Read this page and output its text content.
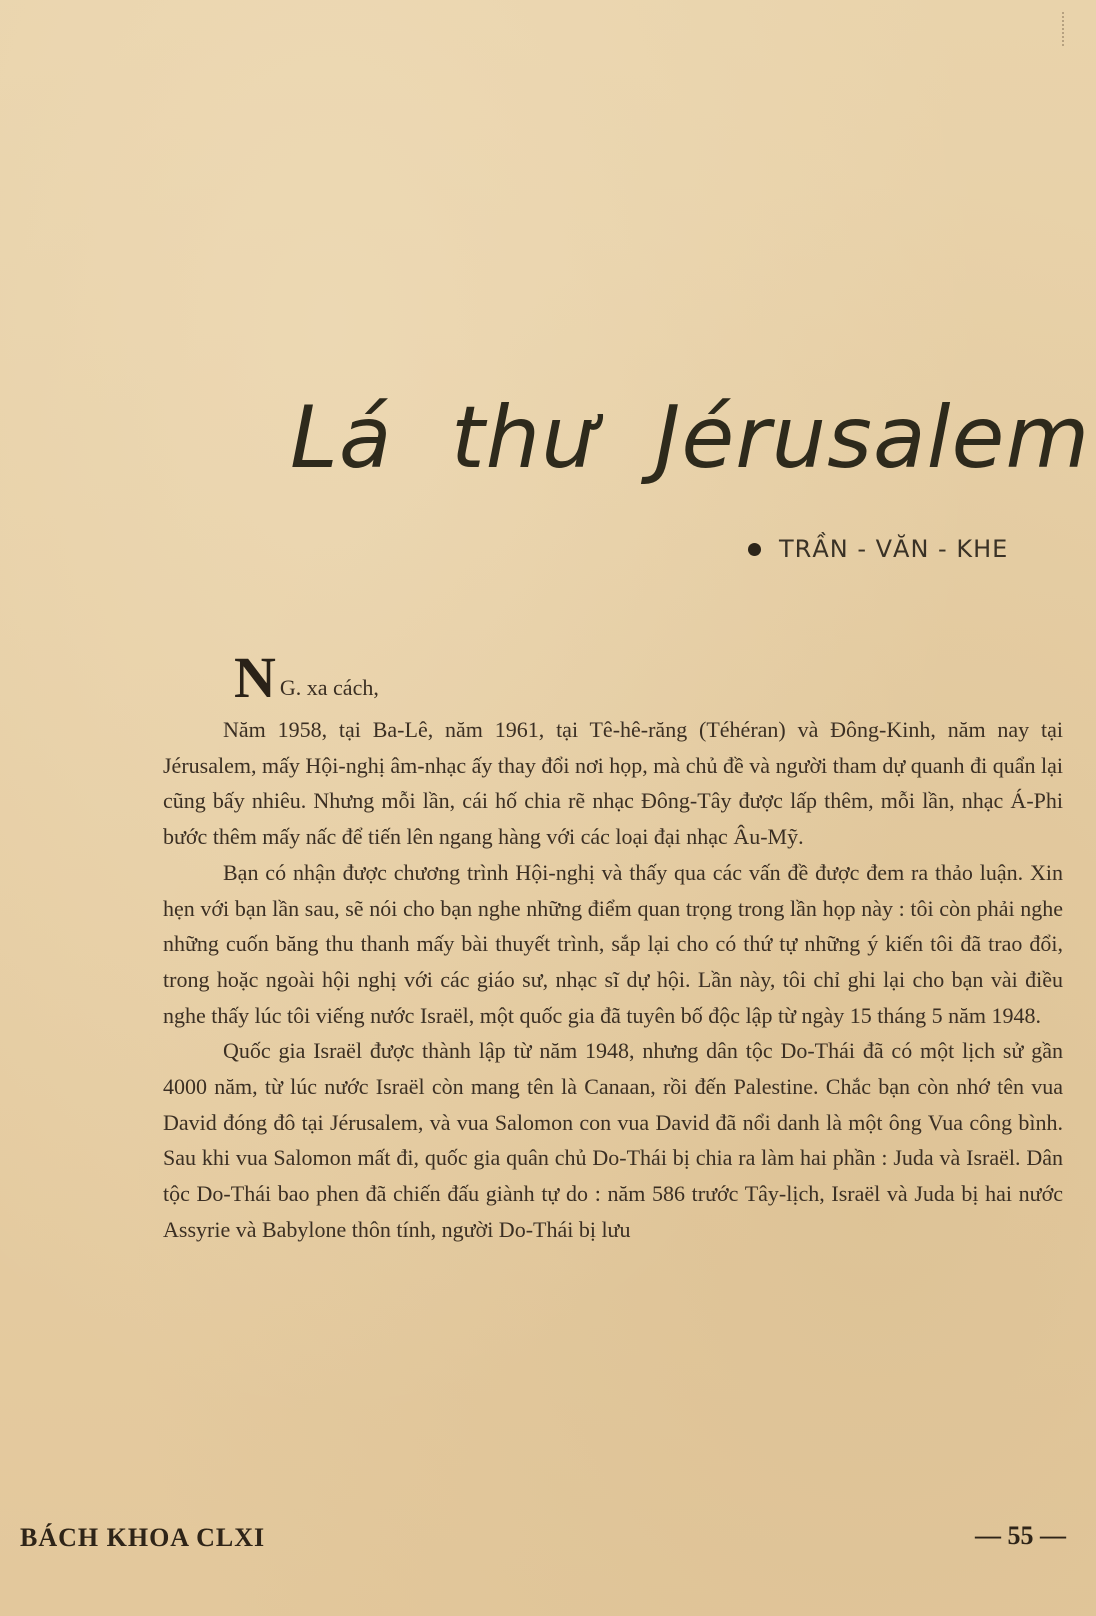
Lá thư Jérusalem
TRẦN - VĂN - KHE
N G. xa cách,

Năm 1958, tại Ba-Lê, năm 1961, tại Tê-hê-răng (Téhéran) và Đông-Kinh, năm nay tại Jérusalem, mấy Hội-nghị âm-nhạc ấy thay đổi nơi họp, mà chủ đề và người tham dự quanh đi quẩn lại cũng bấy nhiêu. Nhưng mỗi lần, cái hố chia rẽ nhạc Đông-Tây được lấp thêm, mỗi lần, nhạc Á-Phi bước thêm mấy nấc để tiến lên ngang hàng với các loại đại nhạc Âu-Mỹ.

Bạn có nhận được chương trình Hội-nghị và thấy qua các vấn đề được đem ra thảo luận. Xin hẹn với bạn lần sau, sẽ nói cho bạn nghe những điểm quan trọng trong lần họp này : tôi còn phải nghe những cuốn băng thu thanh mấy bài thuyết trình, sắp lại cho có thứ tự những ý kiến tôi đã trao đổi, trong hoặc ngoài hội nghị với các giáo sư, nhạc sĩ dự hội. Lần này, tôi chỉ ghi lại cho bạn vài điều nghe thấy lúc tôi viếng nước Israël, một quốc gia đã tuyên bố độc lập từ ngày 15 tháng 5 năm 1948.

Quốc gia Israël được thành lập từ năm 1948, nhưng dân tộc Do-Thái đã có một lịch sử gần 4000 năm, từ lúc nước Israël còn mang tên là Canaan, rồi đến Palestine. Chắc bạn còn nhớ tên vua David đóng đô tại Jérusalem, và vua Salomon con vua David đã nổi danh là một ông Vua công bình. Sau khi vua Salomon mất đi, quốc gia quân chủ Do-Thái bị chia ra làm hai phần : Juda và Israël. Dân tộc Do-Thái bao phen đã chiến đấu giành tự do : năm 586 trước Tây-lịch, Israël và Juda bị hai nước Assyrie và Babylone thôn tính, người Do-Thái bị lưu

BÁCH KHOA CLXI	— 55 —
